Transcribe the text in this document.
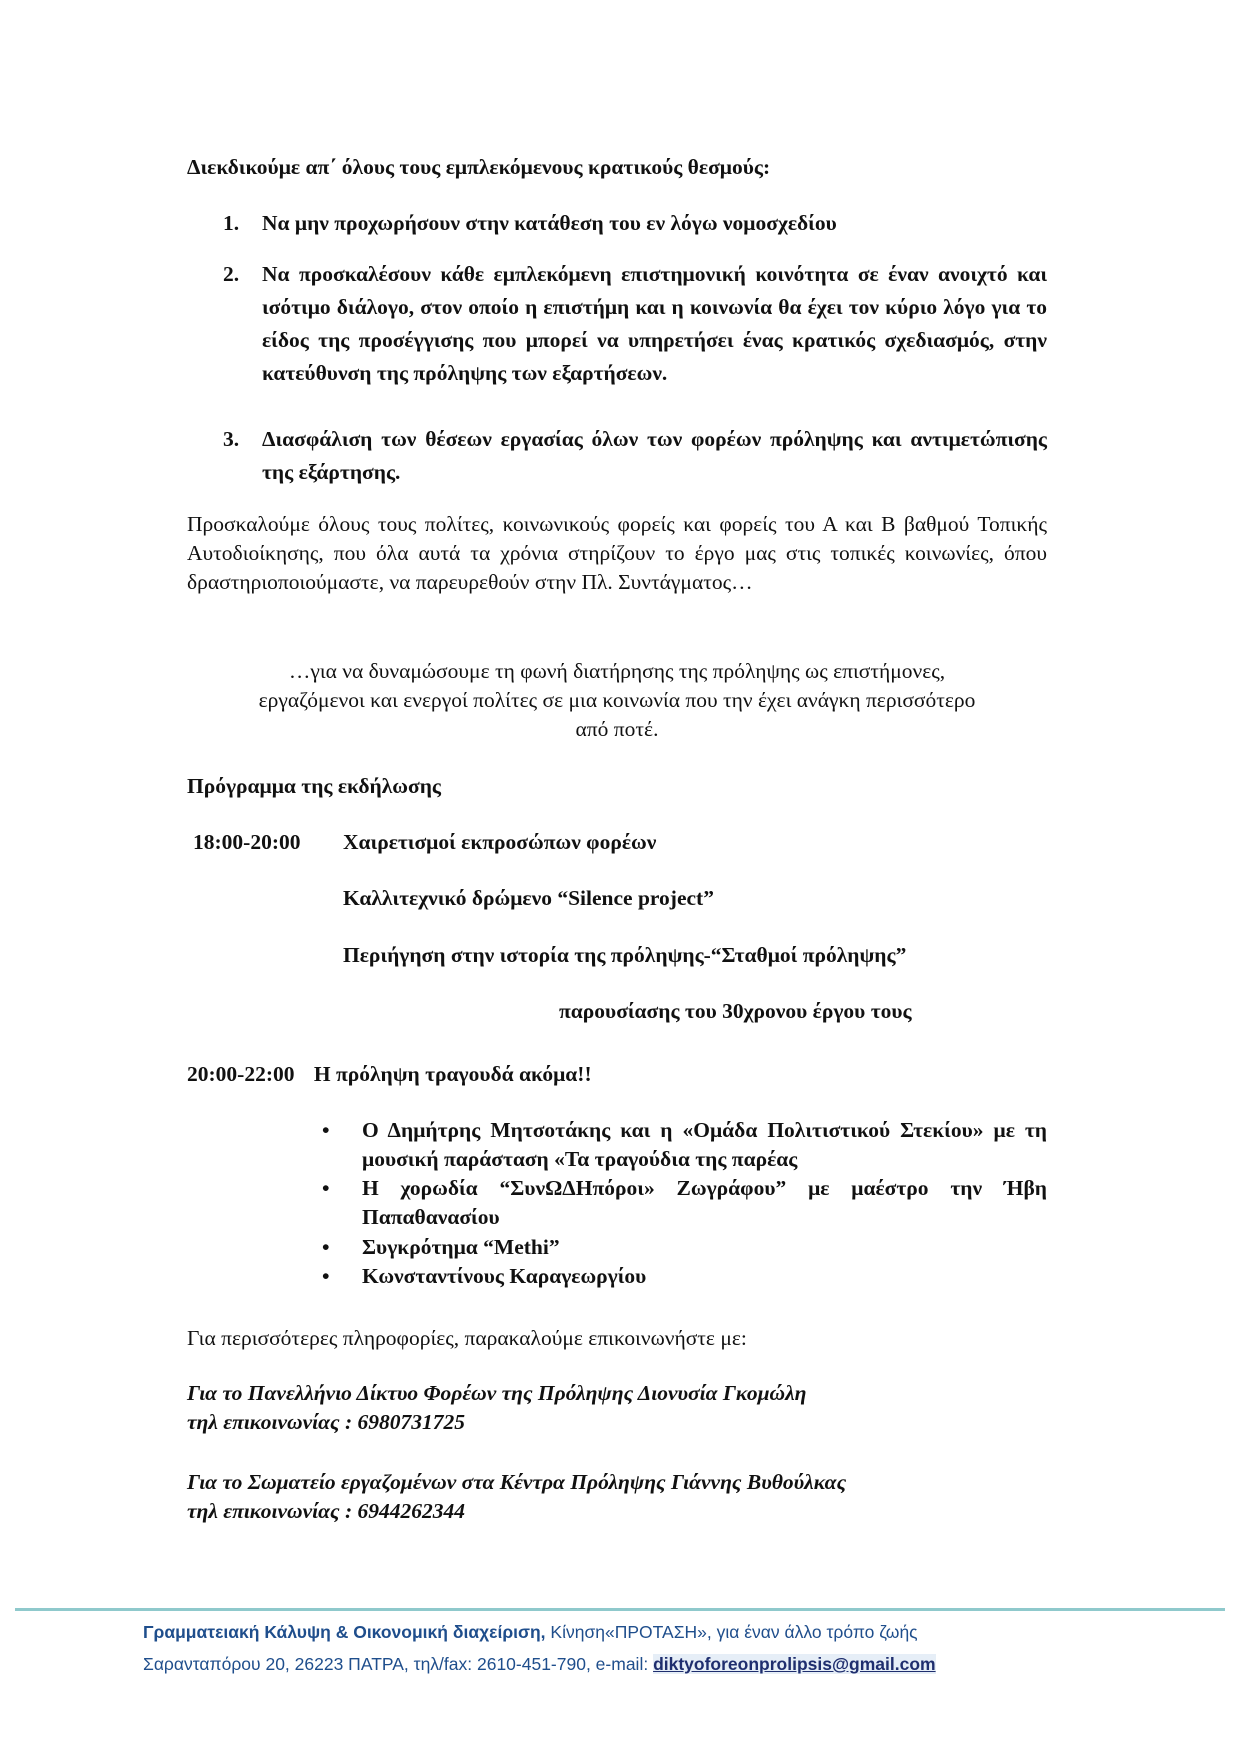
Διεκδικούμε απ΄ όλους τους εμπλεκόμενους κρατικούς θεσμούς:
1. Να μην προχωρήσουν στην κατάθεση του εν λόγω νομοσχεδίου
2. Να προσκαλέσουν κάθε εμπλεκόμενη επιστημονική κοινότητα σε έναν ανοιχτό και ισότιμο διάλογο, στον οποίο η επιστήμη και η κοινωνία θα έχει τον κύριο λόγο για το είδος της προσέγγισης που μπορεί να υπηρετήσει ένας κρατικός σχεδιασμός, στην κατεύθυνση της πρόληψης των εξαρτήσεων.
3. Διασφάλιση των θέσεων εργασίας όλων των φορέων πρόληψης και αντιμετώπισης της εξάρτησης.
Προσκαλούμε όλους τους πολίτες, κοινωνικούς φορείς και φορείς του Α και Β βαθμού Τοπικής Αυτοδιοίκησης, που όλα αυτά τα χρόνια στηρίζουν το έργο μας στις τοπικές κοινωνίες, όπου δραστηριοποιούμαστε, να παρευρεθούν στην Πλ. Συντάγματος…
…για να δυναμώσουμε τη φωνή διατήρησης της πρόληψης ως επιστήμονες,
εργαζόμενοι και ενεργοί πολίτες σε μια κοινωνία που την έχει ανάγκη περισσότερο
από ποτέ.
Πρόγραμμα της εκδήλωσης
18:00-20:00	Χαιρετισμοί εκπροσώπων φορέων
Καλλιτεχνικό δρώμενο “Silence project”
Περιήγηση στην ιστορία της πρόληψης-“Σταθμοί πρόληψης”
παρουσίασης του 30χρονου έργου τους
20:00-22:00 Η πρόληψη τραγουδά ακόμα!!
• Ο Δημήτρης Μητσοτάκης και η «Ομάδα Πολιτιστικού Στεκίου» με τη μουσική παράσταση «Τα τραγούδια της παρέας
• Η χορωδία “ΣυνΩΔΗπόροι» Ζωγράφου” με μαέστρο την Ήβη Παπαθανασίου
• Συγκρότημα “Methi”
• Κωνσταντίνους Καραγεωργίου
Για περισσότερες πληροφορίες, παρακαλούμε επικοινωνήστε με:
Για το Πανελλήνιο Δίκτυο Φορέων της Πρόληψης Διονυσία Γκομώλη
τηλ επικοινωνίας : 6980731725
Για το Σωματείο εργαζομένων στα Κέντρα Πρόληψης Γιάννης Βυθούλκας
τηλ επικοινωνίας : 6944262344
Γραμματειακή Κάλυψη & Οικονομική διαχείριση, Κίνηση«ΠΡΟΤΑΣΗ», για έναν άλλο τρόπο ζωής
Σαρανταπόρου 20, 26223 ΠΑΤΡΑ, τηλ/fax: 2610-451-790, e-mail: diktyoforeonprolipsis@gmail.com
